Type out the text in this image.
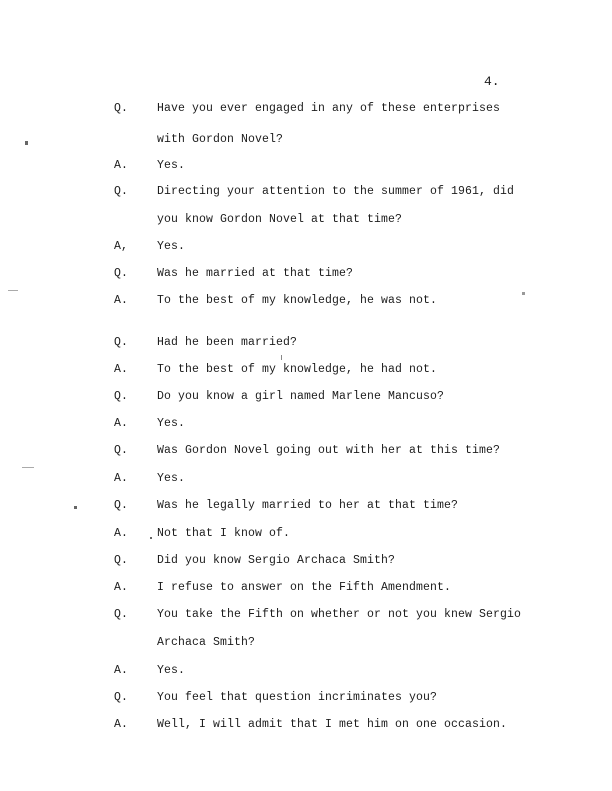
4.
Q.	Have you ever engaged in any of these enterprises
with Gordon Novel?
A.	Yes.
Q.	Directing your attention to the summer of 1961, did
you know Gordon Novel at that time?
A,	Yes.
Q.	Was he married at that time?
A.	To the best of my knowledge, he was not.
Q.	Had he been married?
A.	To the best of my knowledge, he had not.
Q.	Do you know a girl named Marlene Mancuso?
A.	Yes.
Q.	Was Gordon Novel going out with her at this time?
A.	Yes.
Q.	Was he legally married to her at that time?
A.	Not that I know of.
Q.	Did you know Sergio Archaca Smith?
A.	I refuse to answer on the Fifth Amendment.
Q.	You take the Fifth on whether or not you knew Sergio
Archaca Smith?
A.	Yes.
Q.	You feel that question incriminates you?
A.	Well, I will admit that I met him on one occasion.
